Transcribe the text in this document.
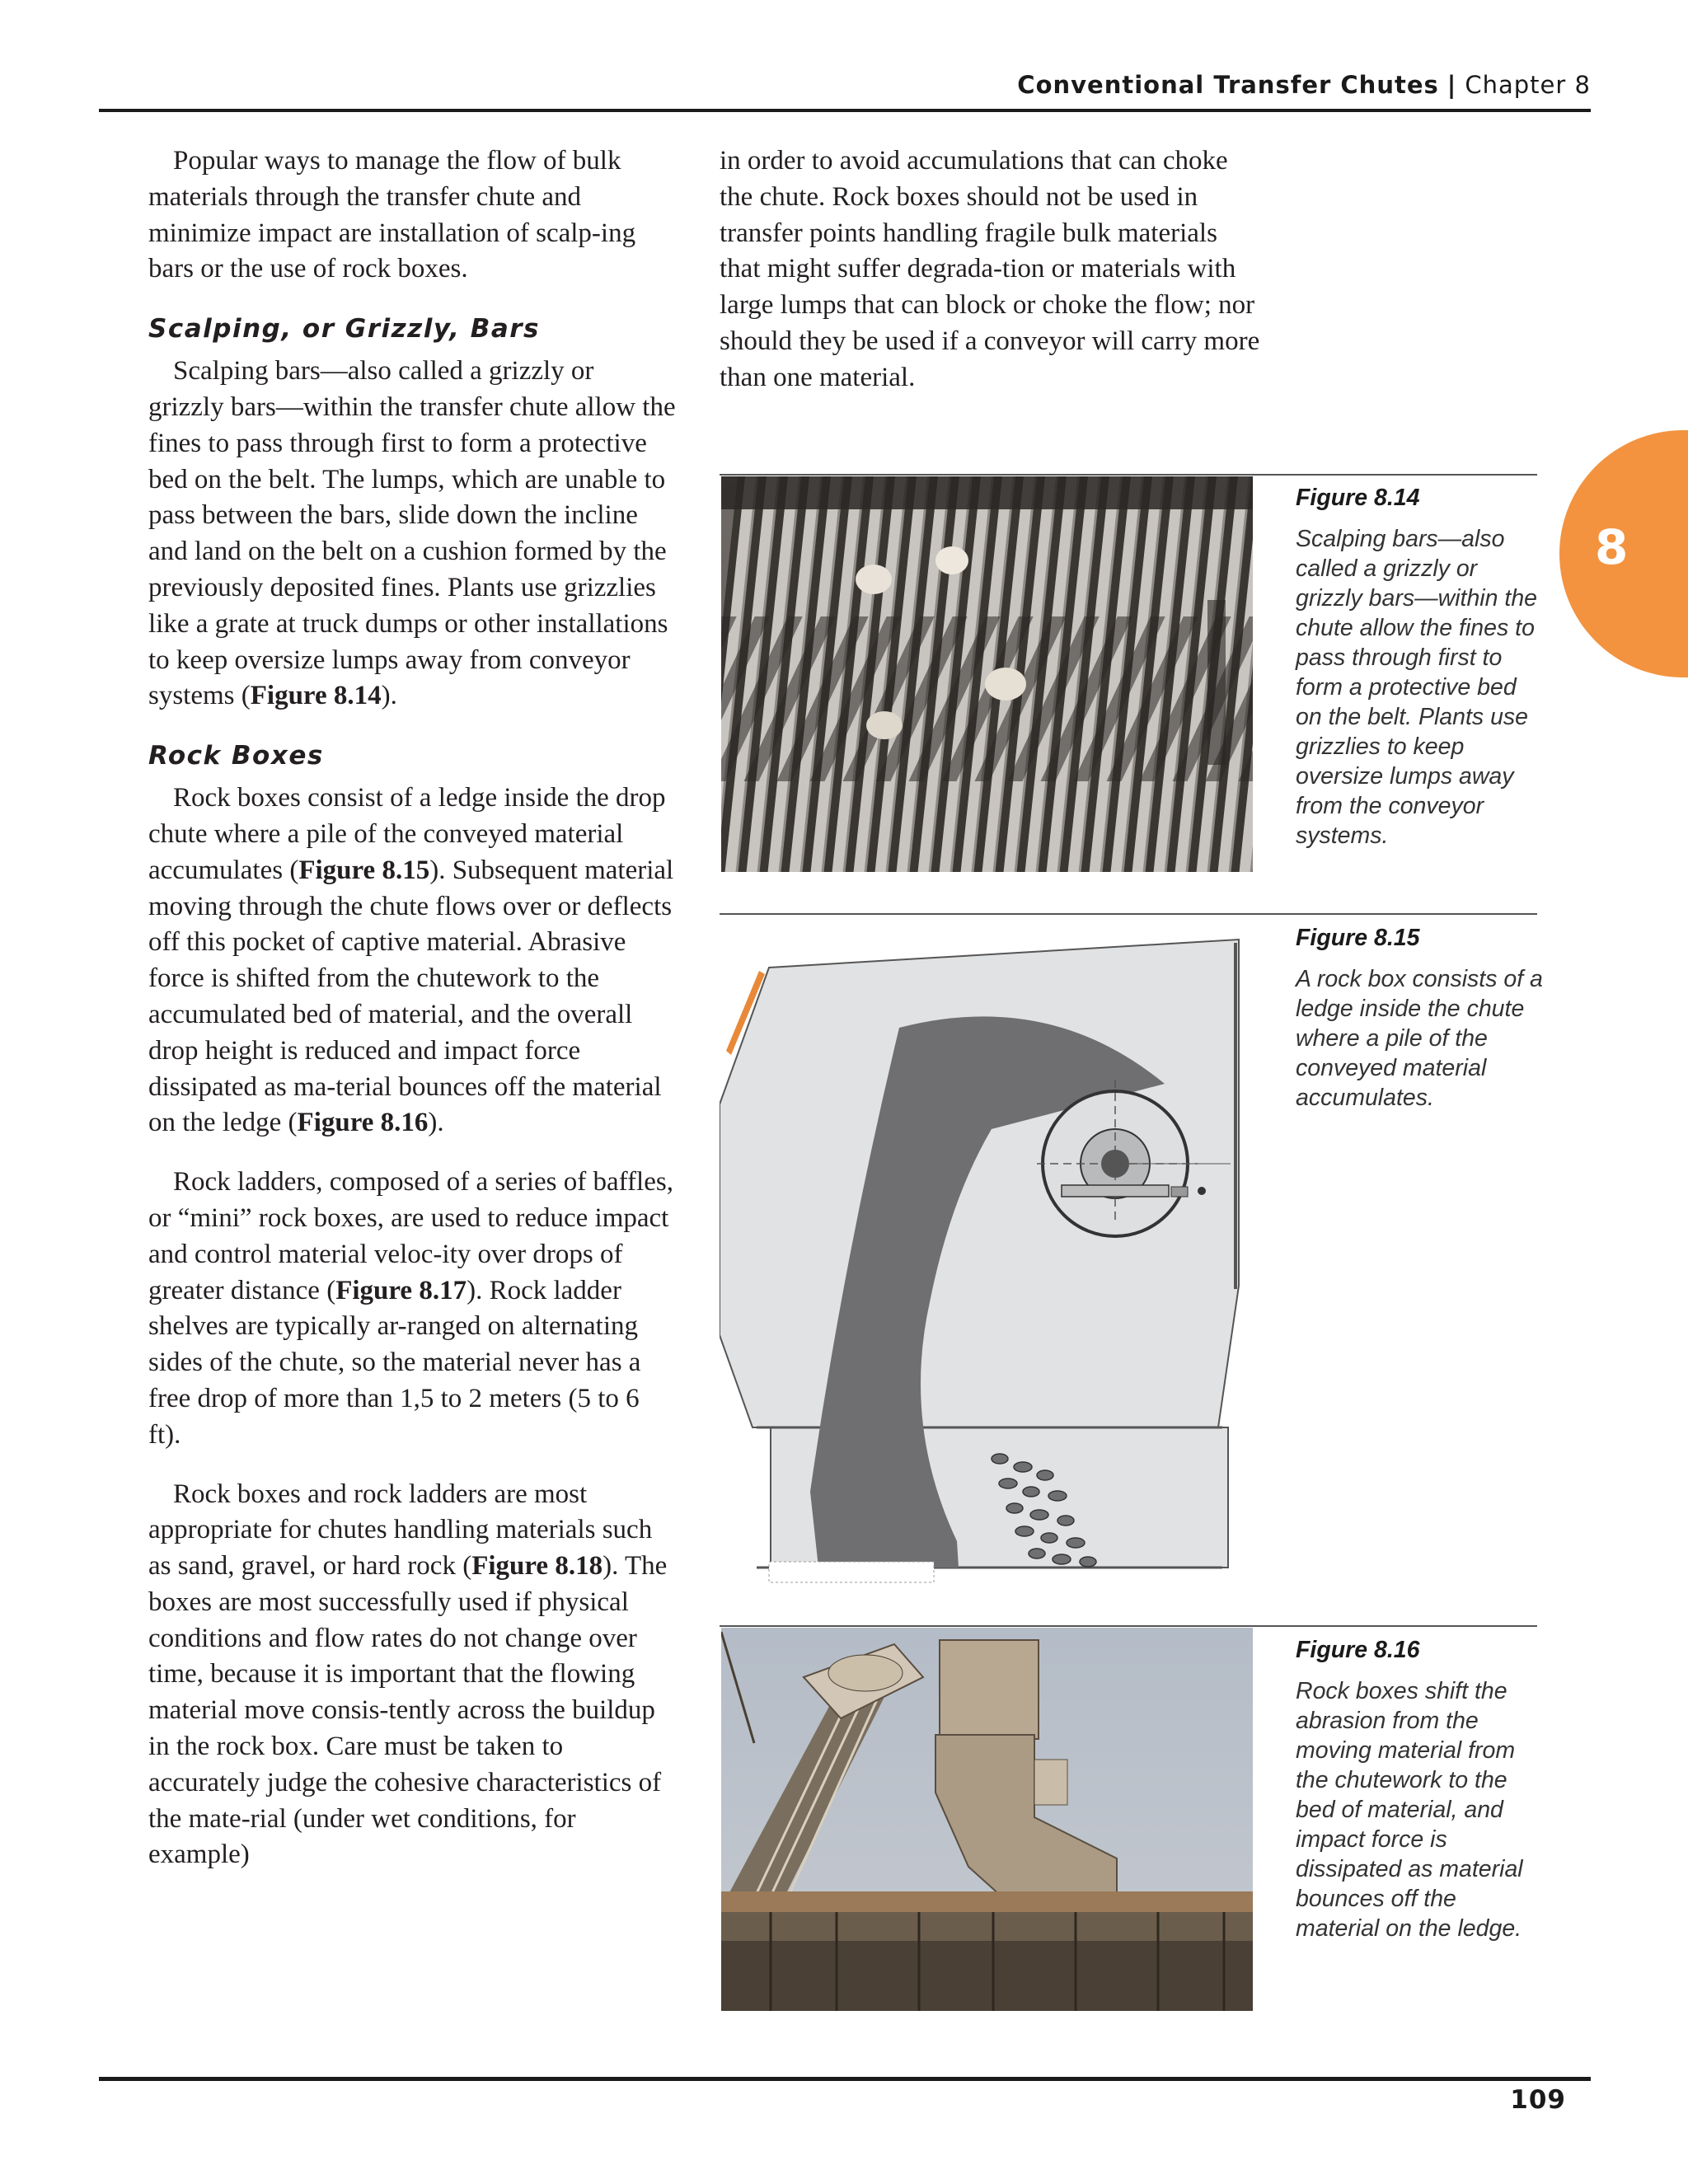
Conventional Transfer Chutes | Chapter 8
8

Popular ways to manage the flow of bulk materials through the transfer chute and minimize impact are installation of scalp-ing bars or the use of rock boxes.

Scalping, or Grizzly, Bars

Scalping bars—also called a grizzly or grizzly bars—within the transfer chute allow the fines to pass through first to form a protective bed on the belt. The lumps, which are unable to pass between the bars, slide down the incline and land on the belt on a cushion formed by the previously deposited fines. Plants use grizzlies like a grate at truck dumps or other installations to keep oversize lumps away from conveyor systems (Figure 8.14).

Rock Boxes

Rock boxes consist of a ledge inside the drop chute where a pile of the conveyed material accumulates (Figure 8.15). Subsequent material moving through the chute flows over or deflects off this pocket of captive material. Abrasive force is shifted from the chutework to the accumulated bed of material, and the overall drop height is reduced and impact force dissipated as ma-terial bounces off the material on the ledge (Figure 8.16).

Rock ladders, composed of a series of baffles, or “mini” rock boxes, are used to reduce impact and control material veloc-ity over drops of greater distance (Figure 8.17). Rock ladder shelves are typically ar-ranged on alternating sides of the chute, so the material never has a free drop of more than 1,5 to 2 meters (5 to 6 ft).

Rock boxes and rock ladders are most appropriate for chutes handling materials such as sand, gravel, or hard rock (Figure 8.18). The boxes are most successfully used if physical conditions and flow rates do not change over time, because it is important that the flowing material move consis-tently across the buildup in the rock box. Care must be taken to accurately judge the cohesive characteristics of the mate-rial (under wet conditions, for example)

in order to avoid accumulations that can choke the chute. Rock boxes should not be used in transfer points handling fragile bulk materials that might suffer degrada-tion or materials with large lumps that can block or choke the flow; nor should they be used if a conveyor will carry more than one material.

Figure 8.14
Scalping bars—also called a grizzly or grizzly bars—within the chute allow the fines to pass through first to form a protective bed on the belt. Plants use grizzlies to keep oversize lumps away from the conveyor systems.
Figure 8.15
A rock box consists of a ledge inside the chute where a pile of the conveyed material accumulates.
Figure 8.16
Rock boxes shift the abrasion from the moving material from the chutework to the bed of material, and impact force is dissipated as material bounces off the material on the ledge.
109
